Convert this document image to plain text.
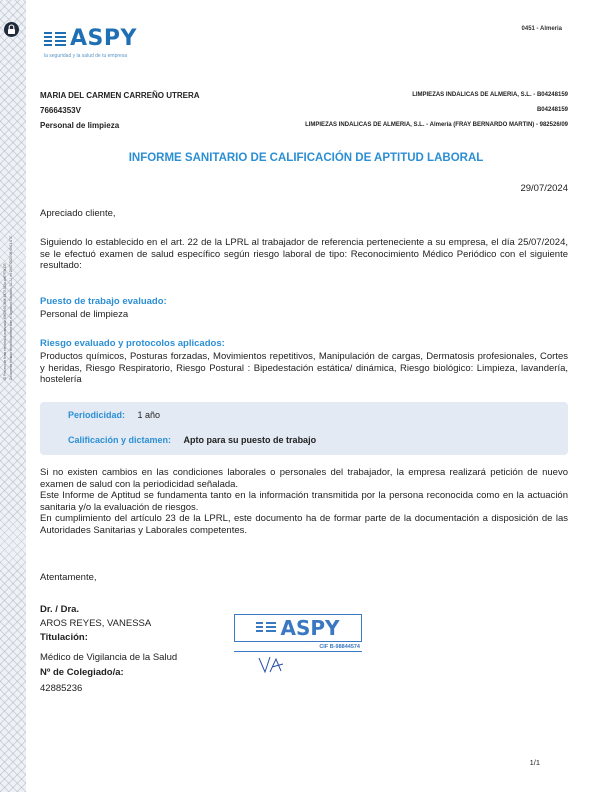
ID Proceso de firma electrónica avanzada: 69f03995-3b8f-4873-922a-aeff7f7fa133 Documento firmado electrónicamente ante el Signaturit Solutions, S.L.U. en 29/07/2024 08:49:01 UTC
ASPY
la seguridad y la salud de tu empresa
0451 - Almeria
MARIA DEL CARMEN CARREÑO UTRERA
76664353V
Personal de limpieza
LIMPIEZAS INDALICAS DE ALMERIA, S.L. - B04248159
B04248159
LIMPIEZAS INDALICAS DE ALMERIA, S.L. - Almería (FRAY BERNARDO MARTIN) - 982526/09
INFORME SANITARIO DE CALIFICACIÓN DE APTITUD LABORAL
29/07/2024
Apreciado cliente,
Siguiendo lo establecido en el art. 22 de la LPRL al trabajador de referencia perteneciente a su empresa, el día 25/07/2024, se le efectuó examen de salud específico según riesgo laboral de tipo: Reconocimiento Médico Periódico con el siguiente resultado:
Puesto de trabajo evaluado:
Personal de limpieza
Riesgo evaluado y protocolos aplicados:
Productos químicos, Posturas forzadas, Movimientos repetitivos, Manipulación de cargas, Dermatosis profesionales, Cortes y heridas, Riesgo Respiratorio, Riesgo Postural : Bipedestación estática/ dinámica, Riesgo biológico: Limpieza, lavandería, hostelería
Periodicidad: 1 año
Calificación y dictamen: Apto para su puesto de trabajo
Si no existen cambios en las condiciones laborales o personales del trabajador, la empresa realizará petición de nuevo examen de salud con la periodicidad señalada.
Este Informe de Aptitud se fundamenta tanto en la información transmitida por la persona reconocida como en la actuación sanitaria y/o la evaluación de riesgos.
En cumplimiento del artículo 23 de la LPRL, este documento ha de formar parte de la documentación a disposición de las Autoridades Sanitarias y Laborales competentes.
Atentamente,
Dr. / Dra.
AROS REYES, VANESSA
Titulación:
Médico de Vigilancia de la Salud
Nº de Colegiado/a:
42885236
ASPY
CIF B-98844574
1/1
